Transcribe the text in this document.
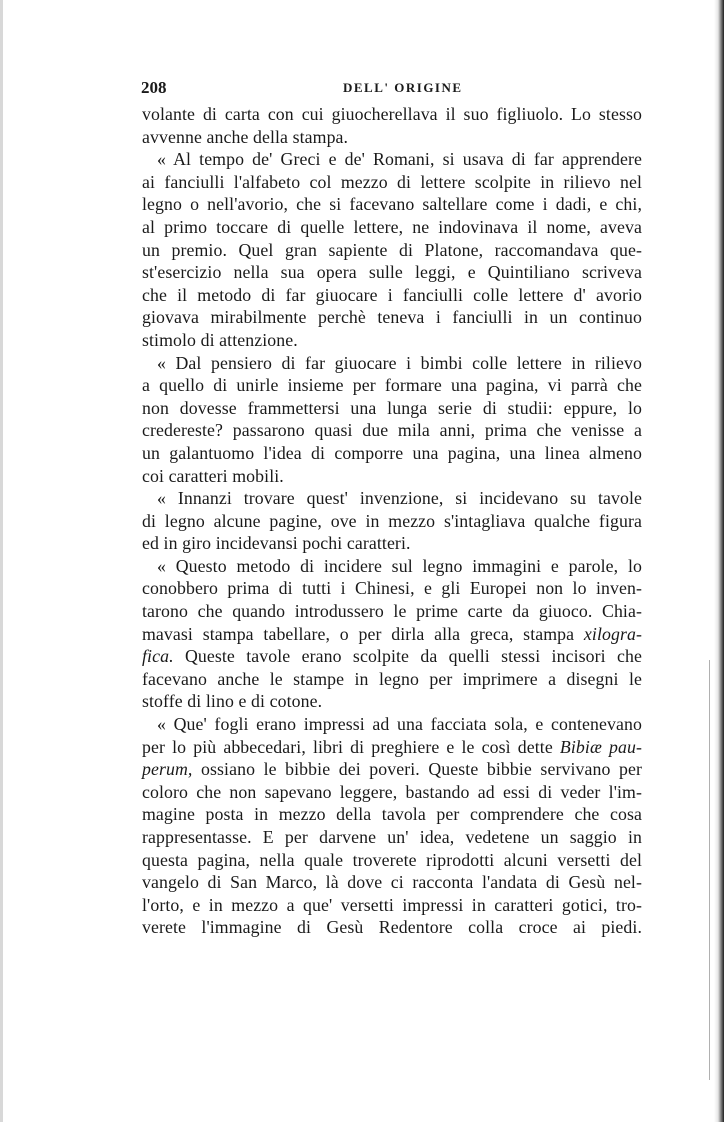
208	DELL' ORIGINE
volante di carta con cui giuocherellava il suo figliuolo. Lo stesso
avvenne anche della stampa.
« Al tempo de' Greci e de' Romani, si usava di far apprendere
ai fanciulli l'alfabeto col mezzo di lettere scolpite in rilievo nel
legno o nell'avorio, che si facevano saltellare come i dadi, e chi,
al primo toccare di quelle lettere, ne indovinava il nome, aveva
un premio. Quel gran sapiente di Platone, raccomandava que-
st'esercizio nella sua opera sulle leggi, e Quintiliano scriveva
che il metodo di far giuocare i fanciulli colle lettere d' avorio
giovava mirabilmente perchè teneva i fanciulli in un continuo
stimolo di attenzione.
« Dal pensiero di far giuocare i bimbi colle lettere in rilievo
a quello di unirle insieme per formare una pagina, vi parrà che
non dovesse frammettersi una lunga serie di studii: eppure, lo
credereste? passarono quasi due mila anni, prima che venisse a
un galantuomo l'idea di comporre una pagina, una linea almeno
coi caratteri mobili.
« Innanzi trovare quest' invenzione, si incidevano su tavole
di legno alcune pagine, ove in mezzo s'intagliava qualche figura
ed in giro incidevansi pochi caratteri.
« Questo metodo di incidere sul legno immagini e parole, lo
conobbero prima di tutti i Chinesi, e gli Europei non lo inven-
tarono che quando introdussero le prime carte da giuoco. Chia-
mavasi stampa tabellare, o per dirla alla greca, stampa xilogra-
fica. Queste tavole erano scolpite da quelli stessi incisori che
facevano anche le stampe in legno per imprimere a disegni le
stoffe di lino e di cotone.
« Que' fogli erano impressi ad una facciata sola, e contenevano
per lo più abbecedari, libri di preghiere e le così dette Bibiæ pau-
perum, ossiano le bibbie dei poveri. Queste bibbie servivano per
coloro che non sapevano leggere, bastando ad essi di veder l'im-
magine posta in mezzo della tavola per comprendere che cosa
rappresentasse. E per darvene un' idea, vedetene un saggio in
questa pagina, nella quale troverete riprodotti alcuni versetti del
vangelo di San Marco, là dove ci racconta l'andata di Gesù nel-
l'orto, e in mezzo a que' versetti impressi in caratteri gotici, tro-
verete l'immagine di Gesù Redentore colla croce ai piedi.
